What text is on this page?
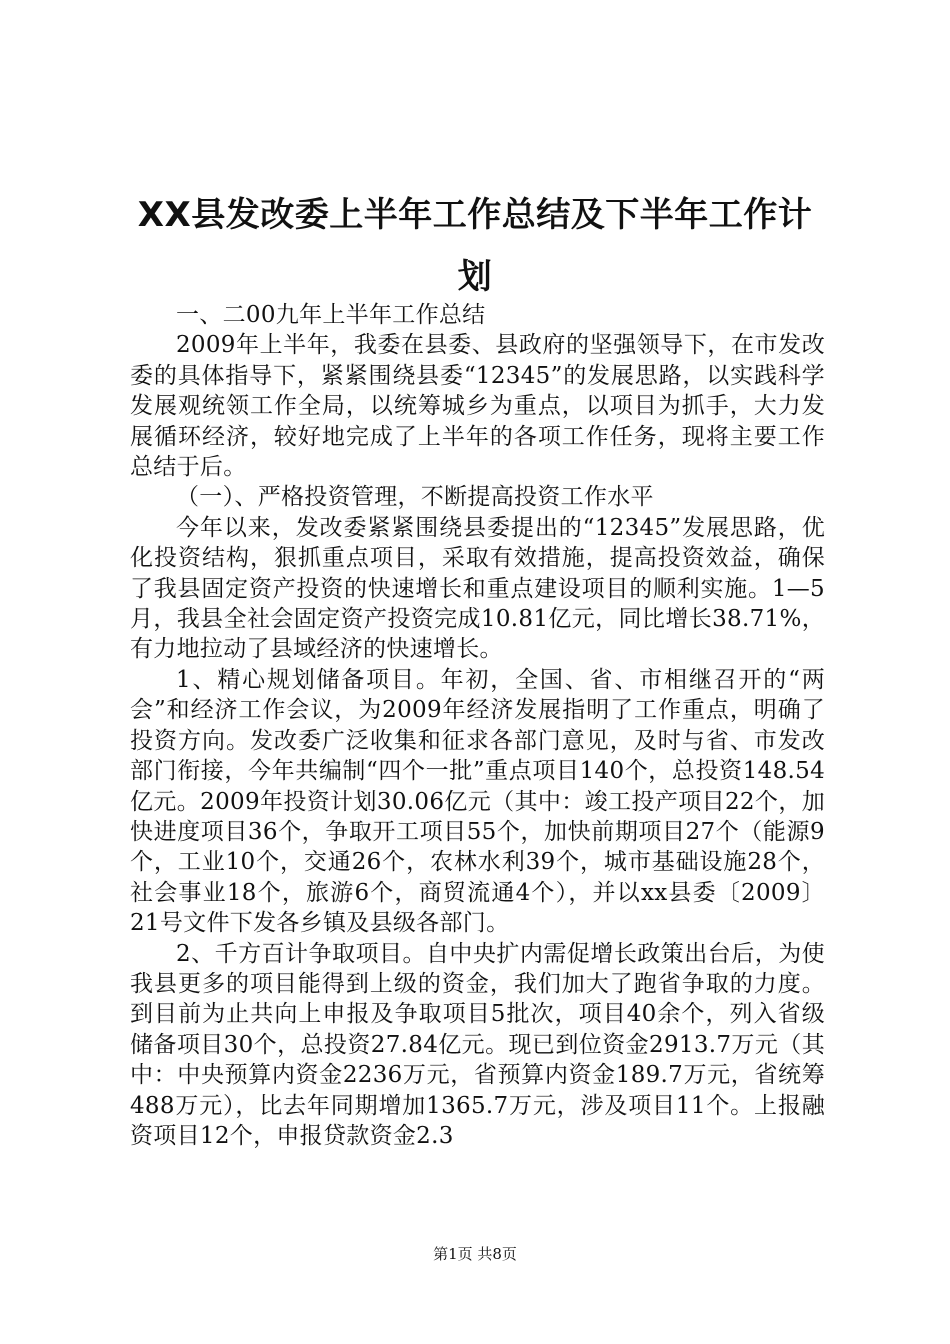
XX县发改委上半年工作总结及下半年工作计划

一、二00九年上半年工作总结

2009年上半年，我委在县委、县政府的坚强领导下，在市发改委的具体指导下，紧紧围绕县委“12345”的发展思路，以实践科学发展观统领工作全局，以统筹城乡为重点，以项目为抓手，大力发展循环经济，较好地完成了上半年的各项工作任务，现将主要工作总结于后。

（一）、严格投资管理，不断提高投资工作水平

今年以来，发改委紧紧围绕县委提出的“12345”发展思路，优化投资结构，狠抓重点项目，采取有效措施，提高投资效益，确保了我县固定资产投资的快速增长和重点建设项目的顺利实施。1—5月，我县全社会固定资产投资完成10.81亿元，同比增长38.71%，有力地拉动了县域经济的快速增长。

1、精心规划储备项目。年初，全国、省、市相继召开的“两会”和经济工作会议，为2009年经济发展指明了工作重点，明确了投资方向。发改委广泛收集和征求各部门意见，及时与省、市发改部门衔接，今年共编制“四个一批”重点项目140个，总投资148.54亿元。2009年投资计划30.06亿元（其中：竣工投产项目22个，加快进度项目36个，争取开工项目55个，加快前期项目27个（能源9个，工业10个，交通26个，农林水利39个，城市基础设施28个，社会事业18个，旅游6个，商贸流通4个），并以xx县委〔2009〕21号文件下发各乡镇及县级各部门。

2、千方百计争取项目。自中央扩内需促增长政策出台后，为使我县更多的项目能得到上级的资金，我们加大了跑省争取的力度。到目前为止共向上申报及争取项目5批次，项目40余个，列入省级储备项目30个，总投资27.84亿元。现已到位资金2913.7万元（其中：中央预算内资金2236万元，省预算内资金189.7万元，省统筹488万元），比去年同期增加1365.7万元，涉及项目11个。上报融资项目12个，申报贷款资金2.3

第1页 共8页
